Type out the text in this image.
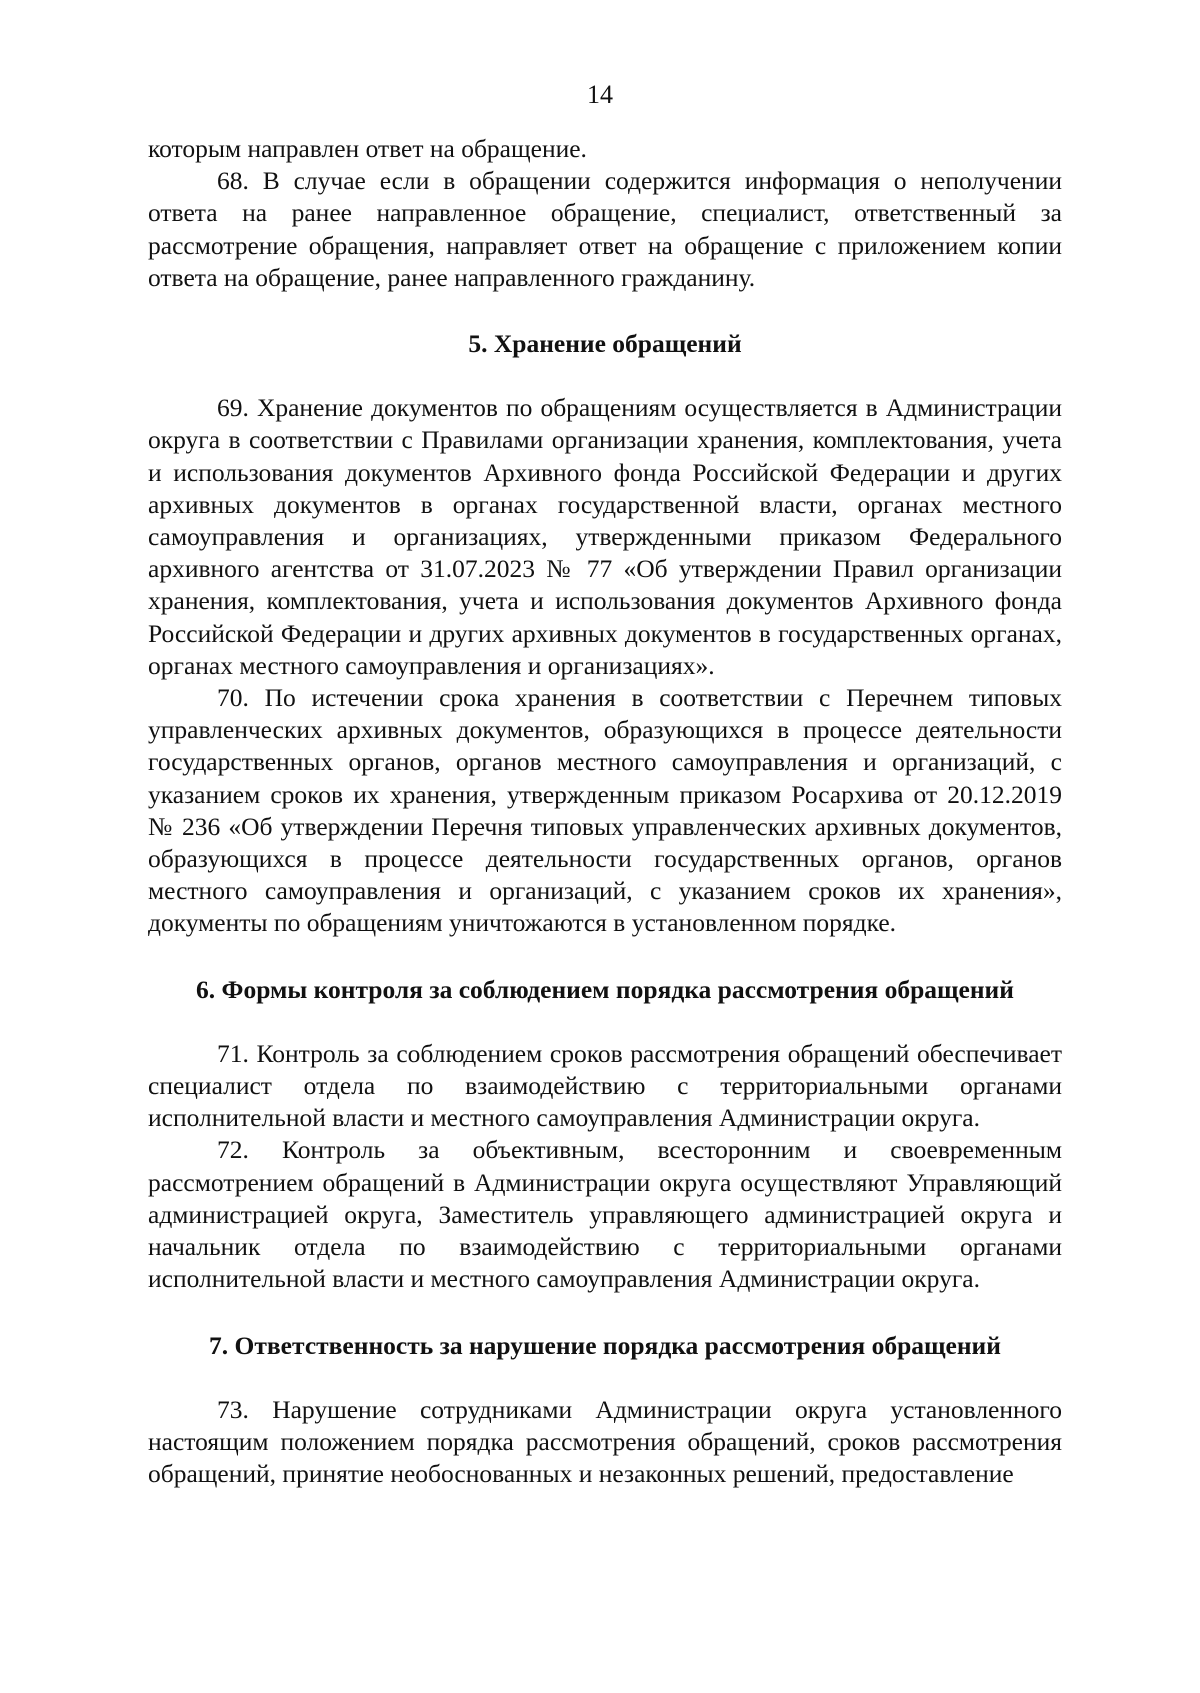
14

которым направлен ответ на обращение.

68. В случае если в обращении содержится информация о неполучении ответа на ранее направленное обращение, специалист, ответственный за рассмотрение обращения, направляет ответ на обращение с приложением копии ответа на обращение, ранее направленного гражданину.

5. Хранение обращений

69. Хранение документов по обращениям осуществляется в Администрации округа в соответствии с Правилами организации хранения, комплектования, учета и использования документов Архивного фонда Российской Федерации и других архивных документов в органах государственной власти, органах местного самоуправления и организациях, утвержденными приказом Федерального архивного агентства от 31.07.2023 № 77 «Об утверждении Правил организации хранения, комплектования, учета и использования документов Архивного фонда Российской Федерации и других архивных документов в государственных органах, органах местного самоуправления и организациях».

70. По истечении срока хранения в соответствии с Перечнем типовых управленческих архивных документов, образующихся в процессе деятельности государственных органов, органов местного самоуправления и организаций, с указанием сроков их хранения, утвержденным приказом Росархива от 20.12.2019 № 236 «Об утверждении Перечня типовых управленческих архивных документов, образующихся в процессе деятельности государственных органов, органов местного самоуправления и организаций, с указанием сроков их хранения», документы по обращениям уничтожаются в установленном порядке.

6. Формы контроля за соблюдением порядка рассмотрения обращений

71. Контроль за соблюдением сроков рассмотрения обращений обеспечивает специалист отдела по взаимодействию с территориальными органами исполнительной власти и местного самоуправления Администрации округа.

72. Контроль за объективным, всесторонним и своевременным рассмотрением обращений в Администрации округа осуществляют Управляющий администрацией округа, Заместитель управляющего администрацией округа и начальник отдела по взаимодействию с территориальными органами исполнительной власти и местного самоуправления Администрации округа.

7. Ответственность за нарушение порядка рассмотрения обращений

73. Нарушение сотрудниками Администрации округа установленного настоящим положением порядка рассмотрения обращений, сроков рассмотрения обращений, принятие необоснованных и незаконных решений, предоставление
